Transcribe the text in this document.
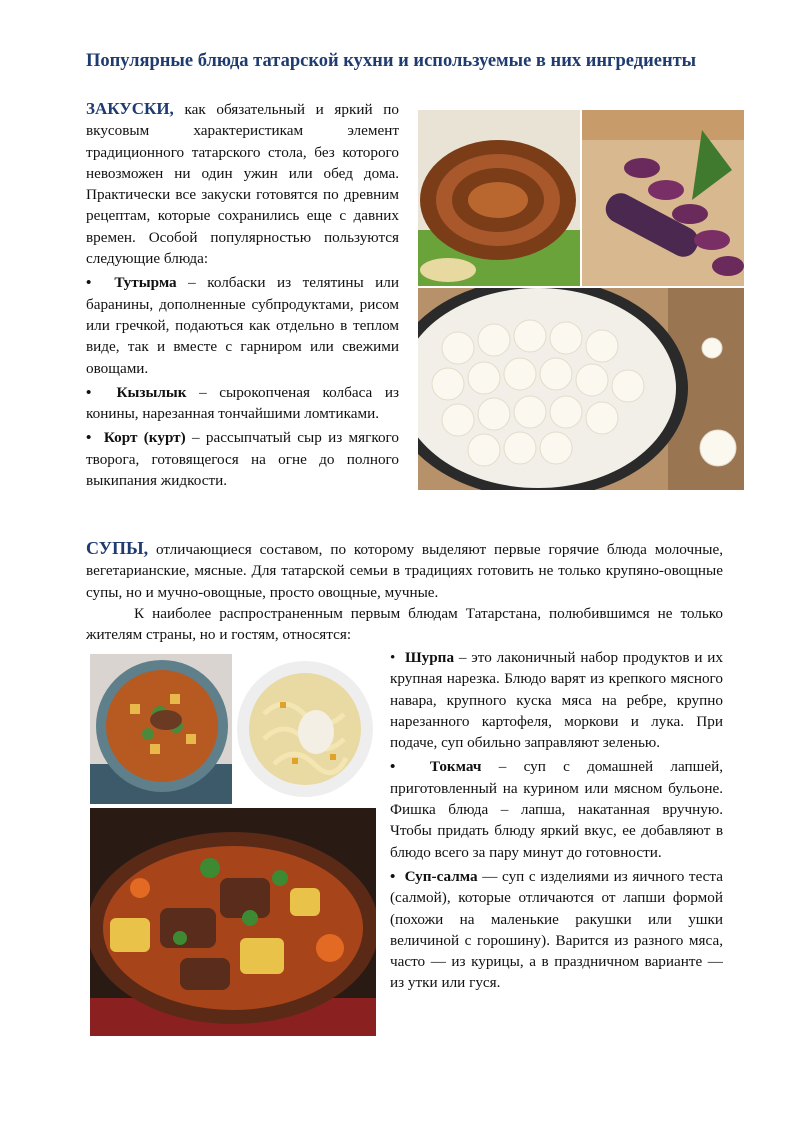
Популярные блюда татарской кухни и используемые в них ингредиенты

ЗАКУСКИ, как обязательный и яркий по вкусовым характеристикам элемент традиционного татарского стола, без которого невозможен ни один ужин или обед дома. Практически все закуски готовятся по древним рецептам, которые сохранились еще с давних времен. Особой популярностью пользуются следующие блюда:

• Тутырма – колбаски из телятины или баранины, дополненные субпродуктами, рисом или гречкой, подаються как отдельно в теплом виде, так и вместе с гарниром или свежими овощами.

• Кызылык – сырокопченая колбаса из конины, нарезанная тончайшими ломтиками.

• Корт (курт) – рассыпчатый сыр из мягкого творога, готовящегося на огне до полного выкипания жидкости.

СУПЫ, отличающиеся составом, по которому выделяют первые горячие блюда молочные, вегетарианские, мясные. Для татарской семьи в традициях готовить не только крупяно-овощные супы, но и мучно-овощные, просто овощные, мучные.

К наиболее распространенным первым блюдам Татарстана, полюбившимся не только жителям страны, но и гостям, относятся:

• Шурпа – это лаконичный набор продуктов и их крупная нарезка. Блюдо варят из крепкого мясного навара, крупного куска мяса на ребре, крупно нарезанного картофеля, моркови и лука. При подаче, суп обильно заправляют зеленью.

• Токмач – суп с домашней лапшей, приготовленный на курином или мясном бульоне. Фишка блюда – лапша, накатанная вручную. Чтобы придать блюду яркий вкус, ее добавляют в блюдо всего за пару минут до готовности.

• Суп-салма — суп с изделиями из яичного теста (салмой), которые отличаются от лапши формой (похожи на маленькие ракушки или ушки величиной с горошину). Варится из разного мяса, часто — из курицы, а в праздничном варианте — из утки или гуся.
